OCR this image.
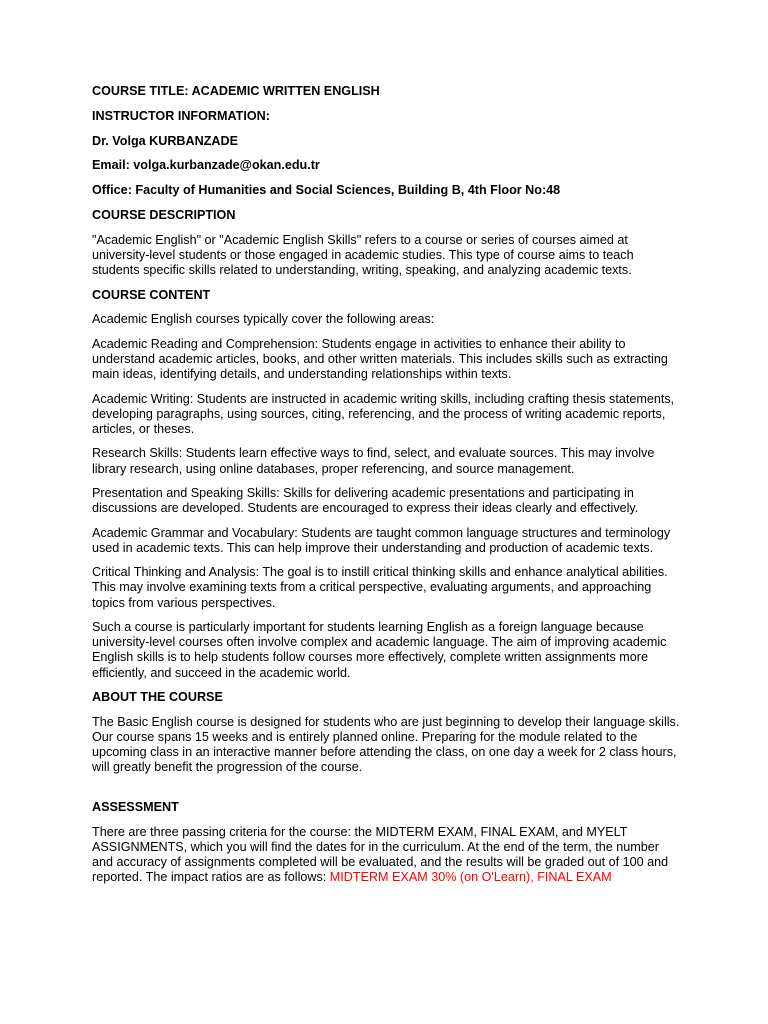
COURSE TITLE: ACADEMIC WRITTEN ENGLISH
INSTRUCTOR INFORMATION:
Dr. Volga KURBANZADE
Email: volga.kurbanzade@okan.edu.tr
Office: Faculty of Humanities and Social Sciences, Building B, 4th Floor No:48
COURSE DESCRIPTION

"Academic English" or "Academic English Skills" refers to a course or series of courses aimed at university-level students or those engaged in academic studies. This type of course aims to teach students specific skills related to understanding, writing, speaking, and analyzing academic texts.

COURSE CONTENT

Academic English courses typically cover the following areas:

Academic Reading and Comprehension: Students engage in activities to enhance their ability to understand academic articles, books, and other written materials. This includes skills such as extracting main ideas, identifying details, and understanding relationships within texts.

Academic Writing: Students are instructed in academic writing skills, including crafting thesis statements, developing paragraphs, using sources, citing, referencing, and the process of writing academic reports, articles, or theses.

Research Skills: Students learn effective ways to find, select, and evaluate sources. This may involve library research, using online databases, proper referencing, and source management.

Presentation and Speaking Skills: Skills for delivering academic presentations and participating in discussions are developed. Students are encouraged to express their ideas clearly and effectively.

Academic Grammar and Vocabulary: Students are taught common language structures and terminology used in academic texts. This can help improve their understanding and production of academic texts.

Critical Thinking and Analysis: The goal is to instill critical thinking skills and enhance analytical abilities. This may involve examining texts from a critical perspective, evaluating arguments, and approaching topics from various perspectives.

Such a course is particularly important for students learning English as a foreign language because university-level courses often involve complex and academic language. The aim of improving academic English skills is to help students follow courses more effectively, complete written assignments more efficiently, and succeed in the academic world.

ABOUT THE COURSE

The Basic English course is designed for students who are just beginning to develop their language skills. Our course spans 15 weeks and is entirely planned online. Preparing for the module related to the upcoming class in an interactive manner before attending the class, on one day a week for 2 class hours, will greatly benefit the progression of the course.

ASSESSMENT

There are three passing criteria for the course: the MIDTERM EXAM, FINAL EXAM, and MYELT ASSIGNMENTS, which you will find the dates for in the curriculum. At the end of the term, the number and accuracy of assignments completed will be evaluated, and the results will be graded out of 100 and reported. The impact ratios are as follows: MIDTERM EXAM 30% (on O'Learn), FINAL EXAM
